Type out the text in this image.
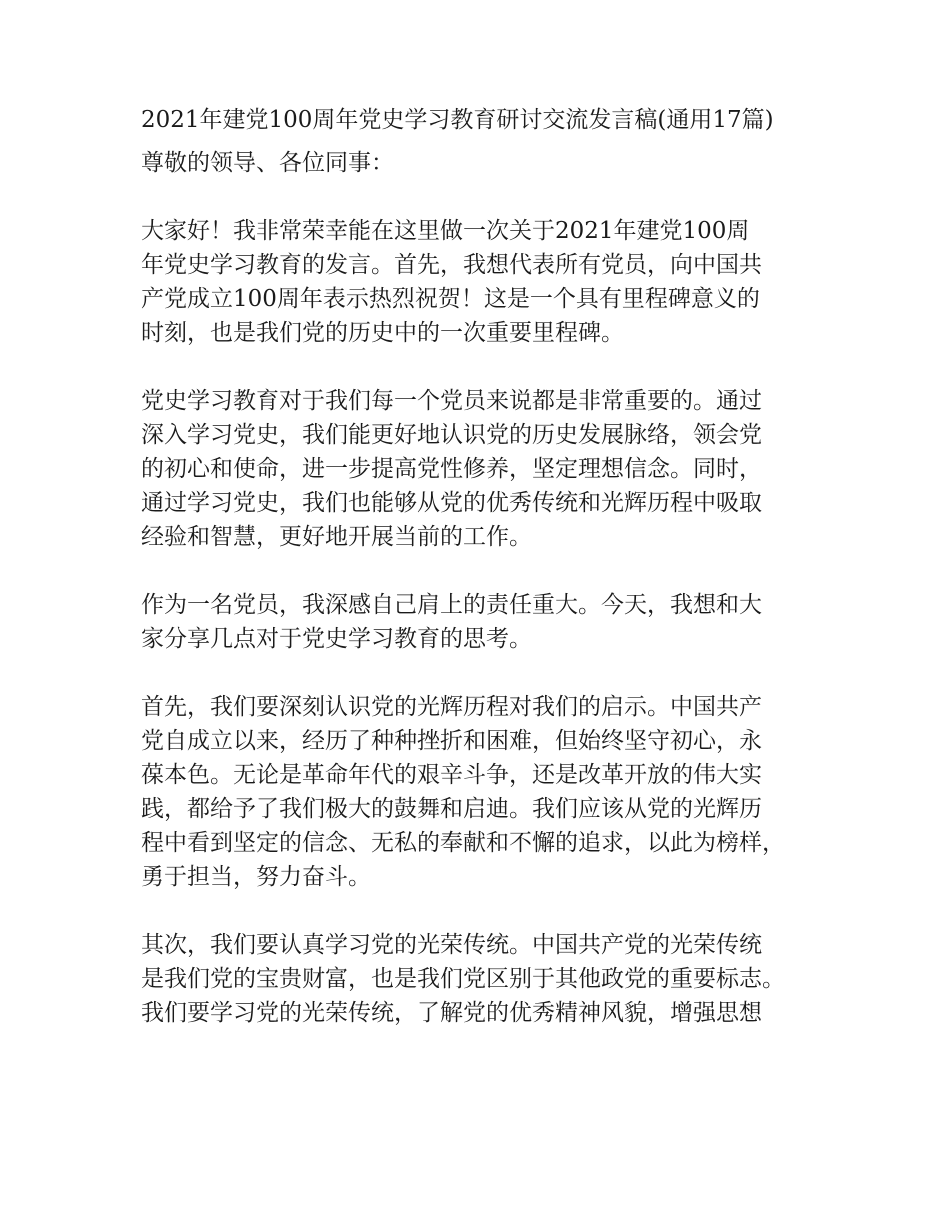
2021年建党100周年党史学习教育研讨交流发言稿(通用17篇)

尊敬的领导、各位同事：

大家好！我非常荣幸能在这里做一次关于2021年建党100周
年党史学习教育的发言。首先，我想代表所有党员，向中国共
产党成立100周年表示热烈祝贺！这是一个具有里程碑意义的
时刻，也是我们党的历史中的一次重要里程碑。

党史学习教育对于我们每一个党员来说都是非常重要的。通过
深入学习党史，我们能更好地认识党的历史发展脉络，领会党
的初心和使命，进一步提高党性修养，坚定理想信念。同时，
通过学习党史，我们也能够从党的优秀传统和光辉历程中吸取
经验和智慧，更好地开展当前的工作。

作为一名党员，我深感自己肩上的责任重大。今天，我想和大
家分享几点对于党史学习教育的思考。

首先，我们要深刻认识党的光辉历程对我们的启示。中国共产
党自成立以来，经历了种种挫折和困难，但始终坚守初心，永
葆本色。无论是革命年代的艰辛斗争，还是改革开放的伟大实
践，都给予了我们极大的鼓舞和启迪。我们应该从党的光辉历
程中看到坚定的信念、无私的奉献和不懈的追求，以此为榜样，
勇于担当，努力奋斗。

其次，我们要认真学习党的光荣传统。中国共产党的光荣传统
是我们党的宝贵财富，也是我们党区别于其他政党的重要标志。
我们要学习党的光荣传统，了解党的优秀精神风貌，增强思想
